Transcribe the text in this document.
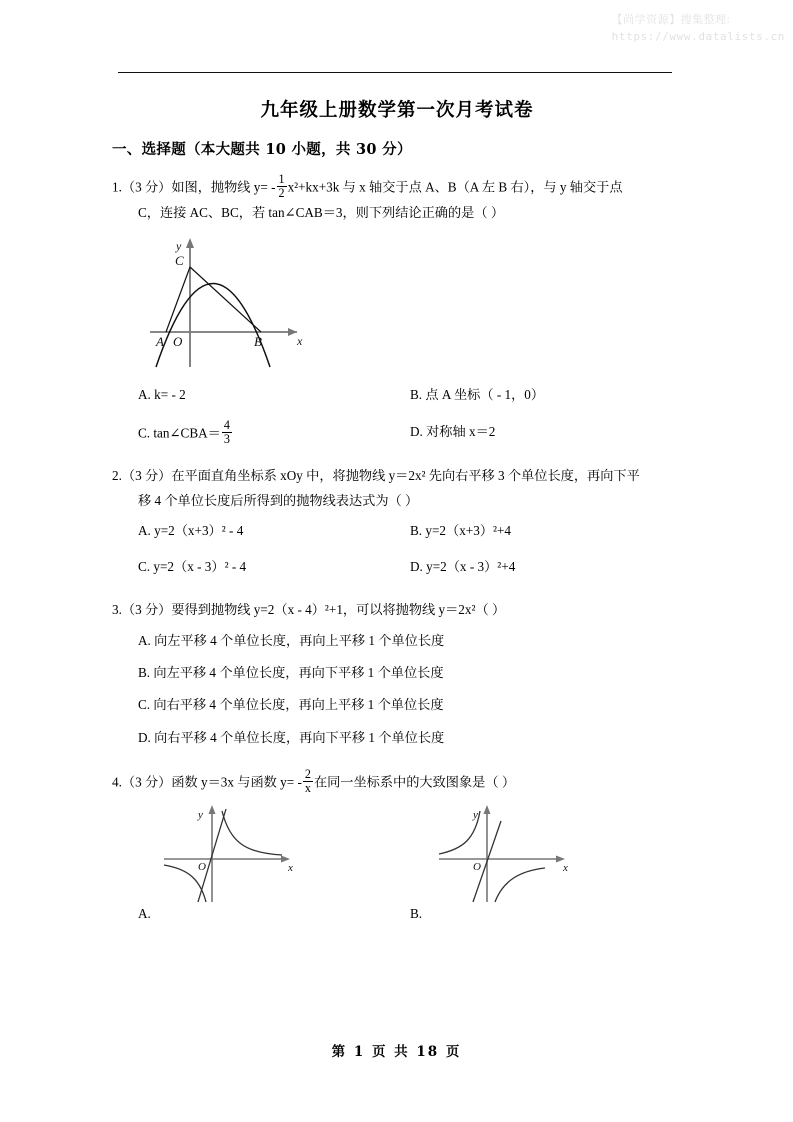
【尚学资源】搜集整理:
https://www.datalists.cn
九年级上册数学第一次月考试卷
一、选择题（本大题共 10 小题，共 30 分）
1.（3 分）如图，抛物线 $y= - \frac{1}{2} x^2+kx+3k$ 与 x 轴交于点 A、B（A 左 B 右），与 y 轴交于点
C，连接 AC、BC，若 tan∠CAB＝3，则下列结论正确的是（ ）
A O	B
C
y
x
A. k= - 2	B. 点 A 坐标（ - 1，0）
C. tan∠CBA＝ $\frac{4}{3}$	D. 对称轴 x＝2
2.（3 分）在平面直角坐标系 xOy 中，将抛物线 y＝2x² 先向右平移 3 个单位长度，再向下平
移 4 个单位长度后所得到的抛物线表达式为（ ）
A. y=2（x+3）² - 4	B. y=2（x+3）²+4
C. y=2（x - 3）² - 4	D. y=2（x - 3）²+4
3.（3 分）要得到抛物线 y=2（x - 4）²+1，可以将抛物线 y＝2x²（ ）
A. 向左平移 4 个单位长度，再向上平移 1 个单位长度
B. 向左平移 4 个单位长度，再向下平移 1 个单位长度
C. 向右平移 4 个单位长度，再向上平移 1 个单位长度
D. 向右平移 4 个单位长度，再向下平移 1 个单位长度
4.（3 分）函数 y＝3x 与函数 $y= - \frac{2}{x}$ 在同一坐标系中的大致图象是（ ）
y
x
O
y
x
O
A.	B.
第 1 页 共 18 页
